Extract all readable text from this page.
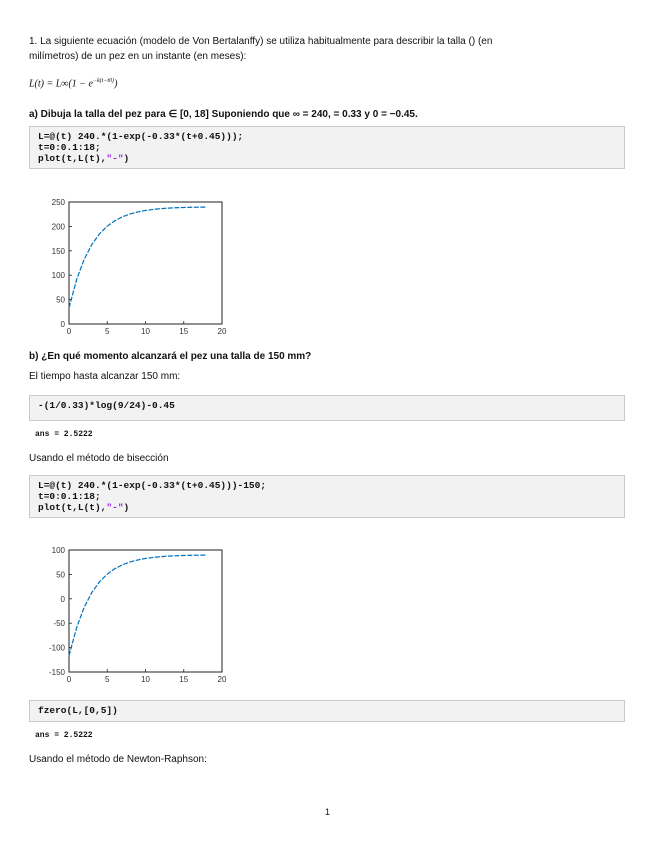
1. La siguiente ecuación (modelo de Von Bertalanffy) se utiliza habitualmente para describir la talla () (en
milímetros) de un pez en un instante (en meses):
$L(t) = L\infty(1 - e^{-k(t-t0)})$
a) Dibuja la talla del pez para ∈ [0, 18] Suponiendo que ∞ = 240, = 0.33 y 0 = −0.45.
L=@(t) 240.*(1-exp(-0.33*(t+0.45)));
t=0:0.1:18;
plot(t,L(t),"-")
0	5	10	15	20
0
50
100
150
200
250
b) ¿En qué momento alcanzará el pez una talla de 150 mm?
El tiempo hasta alcanzar 150 mm:
-(1/0.33)*log(9/24)-0.45
ans = 2.5222
Usando el método de bisección
L=@(t) 240.*(1-exp(-0.33*(t+0.45)))-150;
t=0:0.1:18;
plot(t,L(t),"-")
0	5	10	15	20
-150
-100
-50
0
50
100
fzero(L,[0,5])
ans = 2.5222
Usando el método de Newton-Raphson:
1
